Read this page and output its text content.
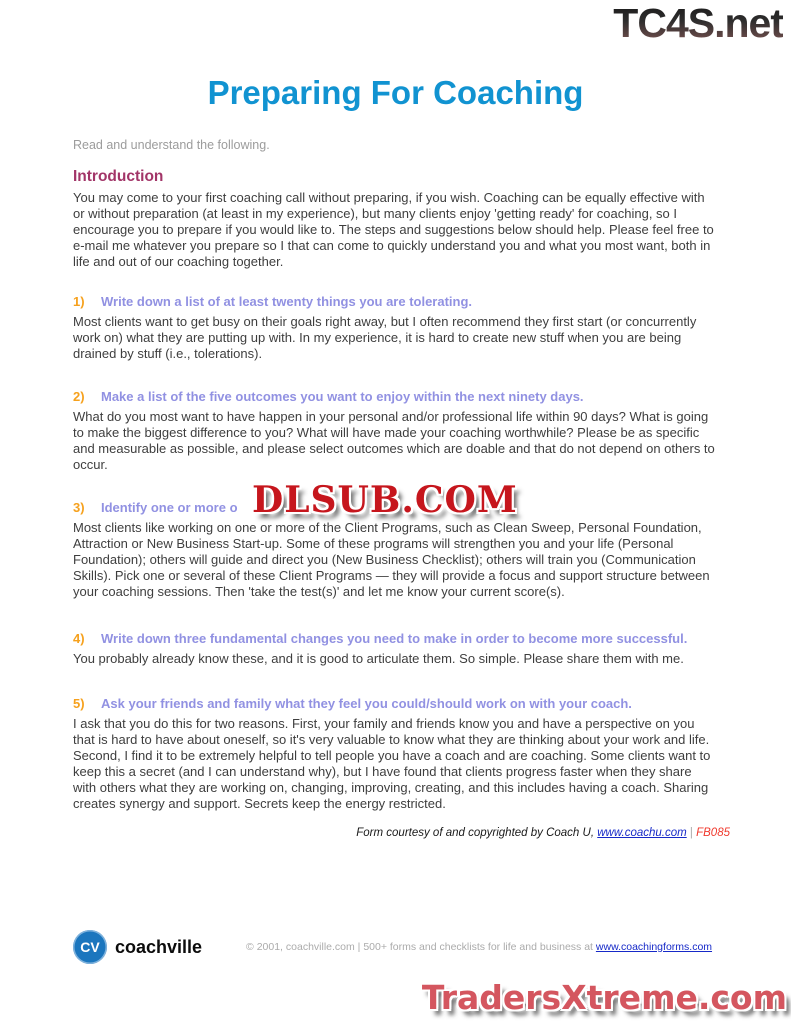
TC4S.net
Preparing For Coaching

Read and understand the following.

Introduction

You may come to your first coaching call without preparing, if you wish. Coaching can be equally effective with or without preparation (at least in my experience), but many clients enjoy 'getting ready' for coaching, so I encourage you to prepare if you would like to. The steps and suggestions below should help. Please feel free to e-mail me whatever you prepare so I that can come to quickly understand you and what you most want, both in life and out of our coaching together.

1)	Write down a list of at least twenty things you are tolerating.

Most clients want to get busy on their goals right away, but I often recommend they first start (or concurrently work on) what they are putting up with. In my experience, it is hard to create new stuff when you are being drained by stuff (i.e., tolerations).

2)	Make a list of the five outcomes you want to enjoy within the next ninety days.

What do you most want to have happen in your personal and/or professional life within 90 days? What is going to make the biggest difference to you? What will have made your coaching worthwhile? Please be as specific and measurable as possible, and please select outcomes which are doable and that do not depend on others to occur.

3)	Identify one or more o

Most clients like working on one or more of the Client Programs, such as Clean Sweep, Personal Foundation, Attraction or New Business Start-up. Some of these programs will strengthen you and your life (Personal Foundation); others will guide and direct you (New Business Checklist); others will train you (Communication Skills). Pick one or several of these Client Programs — they will provide a focus and support structure between your coaching sessions. Then 'take the test(s)' and let me know your current score(s).

4)	Write down three fundamental changes you need to make in order to become more successful.

You probably already know these, and it is good to articulate them. So simple. Please share them with me.

5)	Ask your friends and family what they feel you could/should work on with your coach.

I ask that you do this for two reasons. First, your family and friends know you and have a perspective on you that is hard to have about oneself, so it's very valuable to know what they are thinking about your work and life. Second, I find it to be extremely helpful to tell people you have a coach and are coaching. Some clients want to keep this a secret (and I can understand why), but I have found that clients progress faster when they share with others what they are working on, changing, improving, creating, and this includes having a coach. Sharing creates synergy and support. Secrets keep the energy restricted.

Form courtesy of and copyrighted by Coach U, www.coachu.com | FB085

CV coachville	© 2001, coachville.com | 500+ forms and checklists for life and business at www.coachingforms.com
DLSUB.COM
TradersXtreme.com
